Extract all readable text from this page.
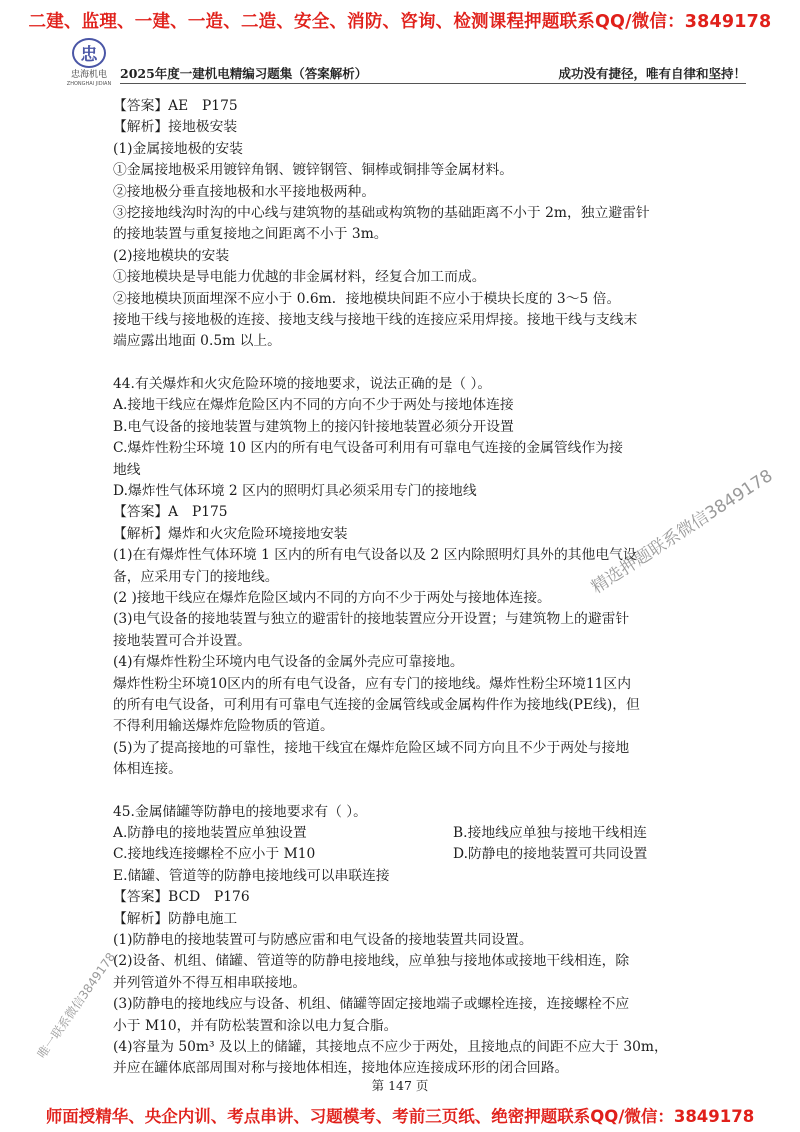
二建、监理、一建、一造、二造、安全、消防、咨询、检测课程押题联系QQ/微信：3849178
忠
忠海机电
ZHONGHAI JIDIAN
2025年度一建机电精编习题集（答案解析）	成功没有捷径，唯有自律和坚持！

【答案】AE　P175

【解析】接地极安装

(1)金属接地极的安装

①金属接地极采用镀锌角钢、镀锌钢管、铜棒或铜排等金属材料。

②接地极分垂直接地极和水平接地极两种。

③挖接地线沟时沟的中心线与建筑物的基础或构筑物的基础距离不小于 2m，独立避雷针

的接地装置与重复接地之间距离不小于 3m。

(2)接地模块的安装

①接地模块是导电能力优越的非金属材料，经复合加工而成。

②接地模块顶面埋深不应小于 0.6m．接地模块间距不应小于模块长度的 3～5 倍。

接地干线与接地极的连接、接地支线与接地干线的连接应采用焊接。接地干线与支线末

端应露出地面 0.5m 以上。

44.有关爆炸和火灾危险环境的接地要求，说法正确的是（ ）。

A.接地干线应在爆炸危险区内不同的方向不少于两处与接地体连接

B.电气设备的接地装置与建筑物上的接闪针接地装置必须分开设置

C.爆炸性粉尘环境 10 区内的所有电气设备可利用有可靠电气连接的金属管线作为接

地线

D.爆炸性气体环境 2 区内的照明灯具必须采用专门的接地线

【答案】A　P175

【解析】爆炸和火灾危险环境接地安装

(1)在有爆炸性气体环境 1 区内的所有电气设备以及 2 区内除照明灯具外的其他电气设

备，应采用专门的接地线。

(2 )接地干线应在爆炸危险区域内不同的方向不少于两处与接地体连接。

(3)电气设备的接地装置与独立的避雷针的接地装置应分开设置；与建筑物上的避雷针

接地装置可合并设置。

(4)有爆炸性粉尘环境内电气设备的金属外壳应可靠接地。

爆炸性粉尘环境10区内的所有电气设备，应有专门的接地线。爆炸性粉尘环境11区内

的所有电气设备，可利用有可靠电气连接的金属管线或金属构件作为接地线(PE线)，但

不得利用输送爆炸危险物质的管道。

(5)为了提高接地的可靠性，接地干线宜在爆炸危险区域不同方向且不少于两处与接地

体相连接。

45.金属储罐等防静电的接地要求有（ ）。

A.防静电的接地装置应单独设置	B.接地线应单独与接地干线相连
C.接地线连接螺栓不应小于 M10	D.防静电的接地装置可共同设置

E.储罐、管道等的防静电接地线可以串联连接

【答案】BCD　P176

【解析】防静电施工

(1)防静电的接地装置可与防感应雷和电气设备的接地装置共同设置。

(2)设备、机组、储罐、管道等的防静电接地线，应单独与接地体或接地干线相连，除

并列管道外不得互相串联接地。

(3)防静电的接地线应与设备、机组、储罐等固定接地端子或螺栓连接，连接螺栓不应

小于 M10，并有防松装置和涂以电力复合脂。

(4)容量为 50m³ 及以上的储罐，其接地点不应少于两处，且接地点的间距不应大于 30m，

并应在罐体底部周围对称与接地体相连，接地体应连接成环形的闭合回路。

精选押题联系微信3849178
唯一联系微信3849178
第 147 页
师面授精华、央企内训、考点串讲、习题模考、考前三页纸、绝密押题联系QQ/微信：3849178
